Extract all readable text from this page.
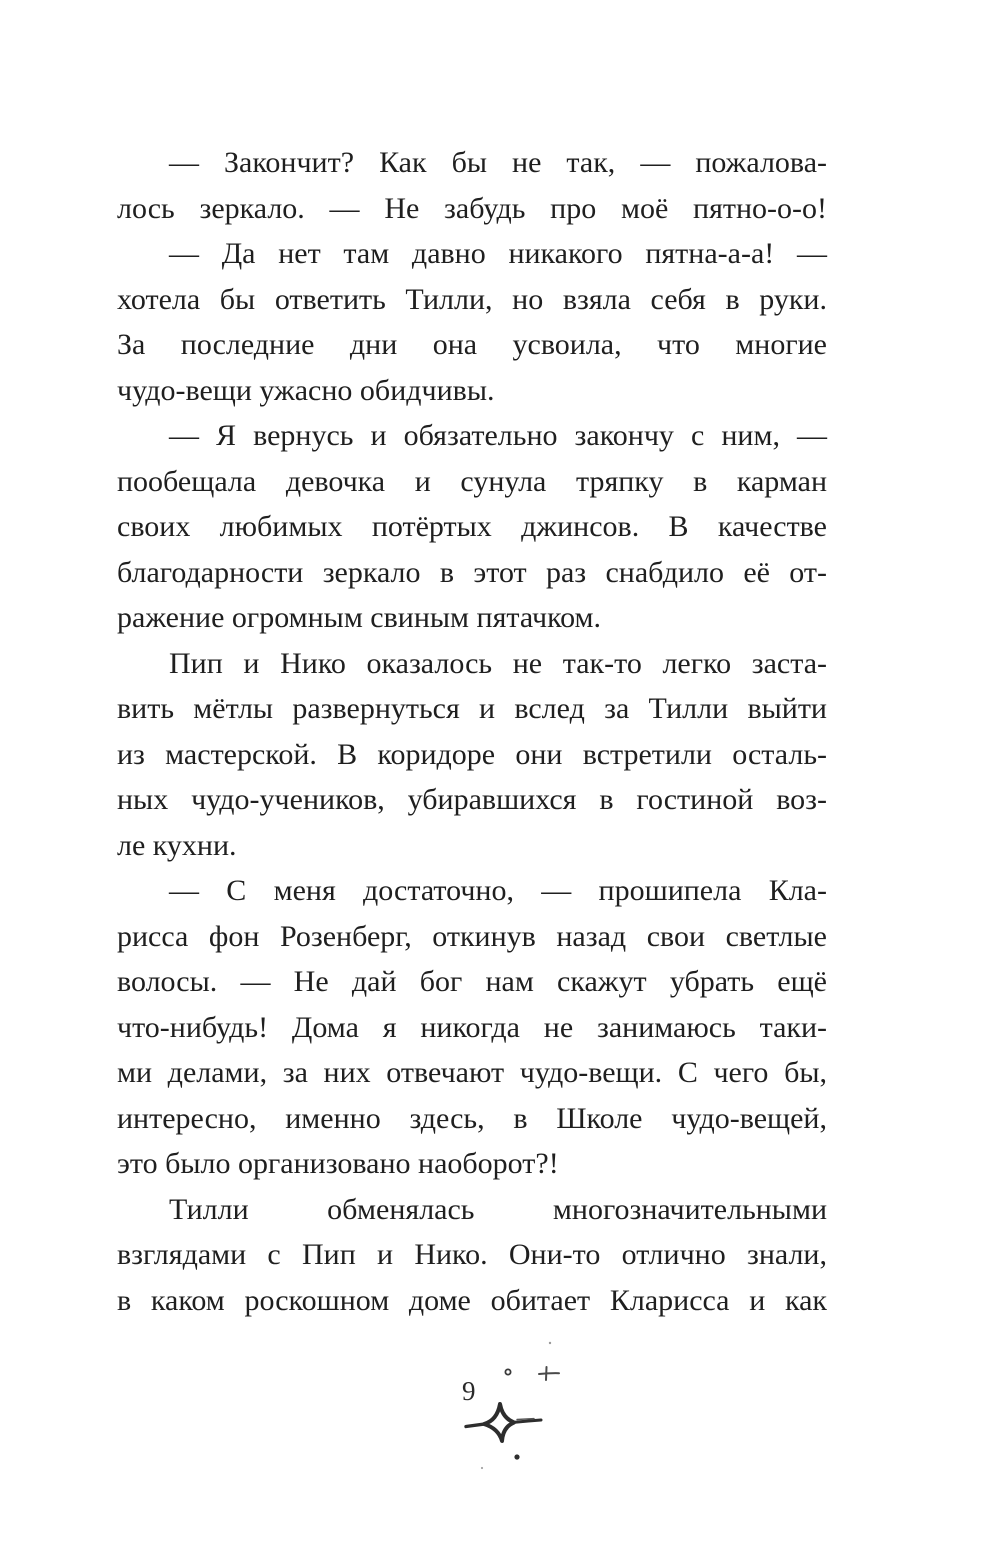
— Закончит? Как бы не так, — пожалова-
лось зеркало. — Не забудь про моё пятно-о-о!
— Да нет там давно никакого пятна-а-а! —
хотела бы ответить Тилли, но взяла себя в руки.
За последние дни она усвоила, что многие
чудо-вещи ужасно обидчивы.
— Я вернусь и обязательно закончу с ним, —
пообещала девочка и сунула тряпку в карман
своих любимых потёртых джинсов. В качестве
благодарности зеркало в этот раз снабдило её от-
ражение огромным свиным пятачком.
Пип и Нико оказалось не так-то легко заста-
вить мётлы развернуться и вслед за Тилли выйти
из мастерской. В коридоре они встретили осталь-
ных чудо-учеников, убиравшихся в гостиной воз-
ле кухни.
— С меня достаточно, — прошипела Кла-
рисса фон Розенберг, откинув назад свои светлые
волосы. — Не дай бог нам скажут убрать ещё
что-нибудь! Дома я никогда не занимаюсь таки-
ми делами, за них отвечают чудо-вещи. С чего бы,
интересно, именно здесь, в Школе чудо-вещей,
это было организовано наоборот?!
Тилли обменялась многозначительными
взглядами с Пип и Нико. Они-то отлично знали,
в каком роскошном доме обитает Кларисса и как
9
